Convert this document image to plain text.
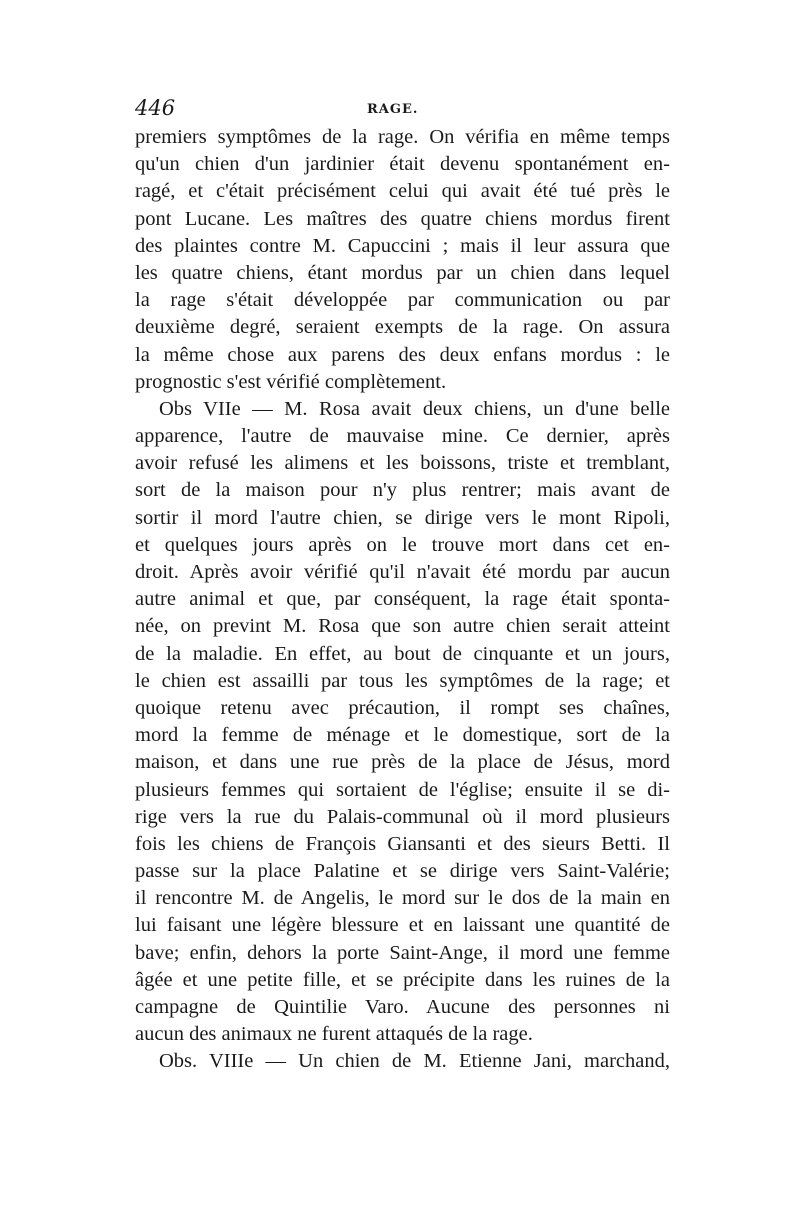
446	RAGE.
premiers symptômes de la rage. On vérifia en même temps
qu'un chien d'un jardinier était devenu spontanément en-
ragé, et c'était précisément celui qui avait été tué près le
pont Lucane. Les maîtres des quatre chiens mordus firent
des plaintes contre M. Capuccini ; mais il leur assura que
les quatre chiens, étant mordus par un chien dans lequel
la rage s'était développée par communication ou par
deuxième degré, seraient exempts de la rage. On assura
la même chose aux parens des deux enfans mordus : le
prognostic s'est vérifié complètement.
Obs VIIe — M. Rosa avait deux chiens, un d'une belle
apparence, l'autre de mauvaise mine. Ce dernier, après
avoir refusé les alimens et les boissons, triste et tremblant,
sort de la maison pour n'y plus rentrer; mais avant de
sortir il mord l'autre chien, se dirige vers le mont Ripoli,
et quelques jours après on le trouve mort dans cet en-
droit. Après avoir vérifié qu'il n'avait été mordu par aucun
autre animal et que, par conséquent, la rage était sponta-
née, on prevint M. Rosa que son autre chien serait atteint
de la maladie. En effet, au bout de cinquante et un jours,
le chien est assailli par tous les symptômes de la rage; et
quoique retenu avec précaution, il rompt ses chaînes,
mord la femme de ménage et le domestique, sort de la
maison, et dans une rue près de la place de Jésus, mord
plusieurs femmes qui sortaient de l'église; ensuite il se di-
rige vers la rue du Palais-communal où il mord plusieurs
fois les chiens de François Giansanti et des sieurs Betti. Il
passe sur la place Palatine et se dirige vers Saint-Valérie;
il rencontre M. de Angelis, le mord sur le dos de la main en
lui faisant une légère blessure et en laissant une quantité de
bave; enfin, dehors la porte Saint-Ange, il mord une femme
âgée et une petite fille, et se précipite dans les ruines de la
campagne de Quintilie Varo. Aucune des personnes ni
aucun des animaux ne furent attaqués de la rage.
Obs. VIIIe — Un chien de M. Etienne Jani, marchand,
